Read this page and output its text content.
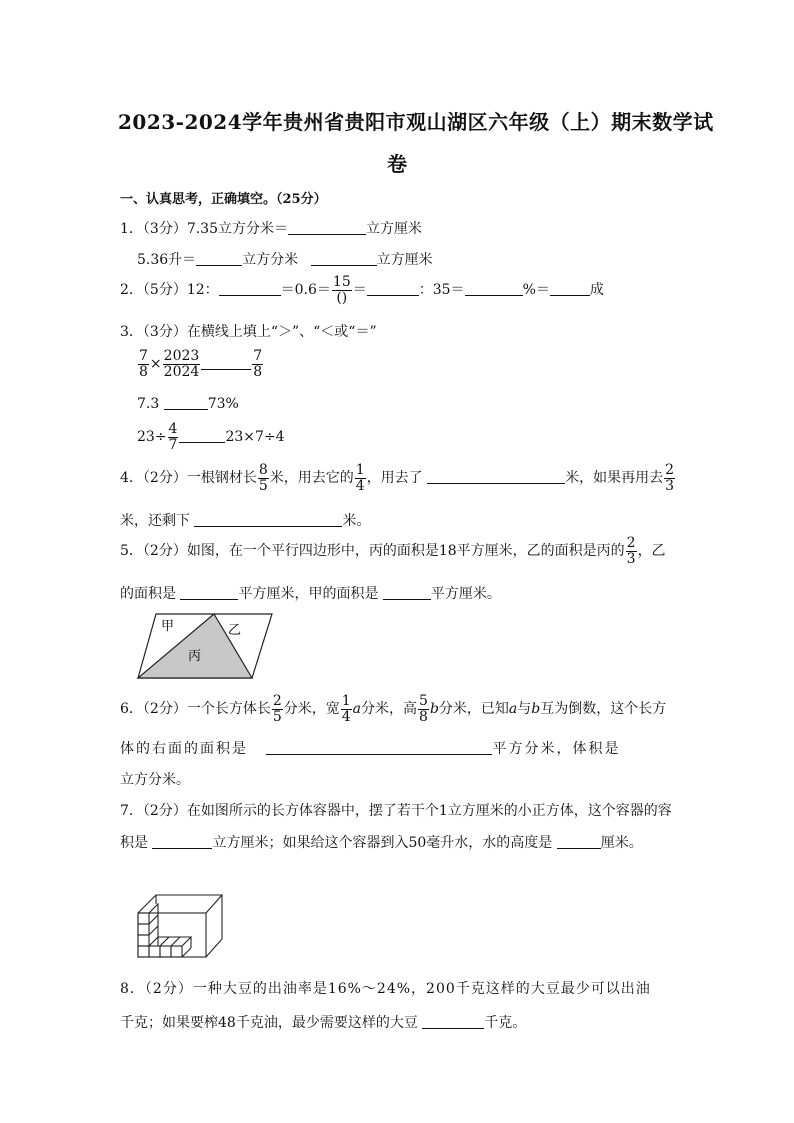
2023-2024学年贵州省贵阳市观山湖区六年级（上）期末数学试
卷
一、认真思考，正确填空。（25分）
1．（3分）7.35立方分米＝	立方厘米
5.36升＝	立方分米	立方厘米
2．（5分）12：	$=0.6= \frac{15}{()}$ ＝	：35＝	%＝	成
3．（3分）在横线上填上“＞”、“＜或“＝”
$\frac{7}{8} \times \frac{2023}{2024}$	$\frac{7}{8}$
7.3	73%
$23\div \frac{4}{7}$	23×7÷4
4．（2分）一根钢材长 $\frac{8}{5}$ 米，用去它的 $\frac{1}{4}$ ，用去了	米，如果再用去 $\frac{2}{3}$
米，还剩下	米。
5．（2分）如图，在一个平行四边形中，丙的面积是18平方厘米，乙的面积是丙的 $\frac{2}{3}$ ，乙
的面积是	平方厘米，甲的面积是	平方厘米。
甲	乙
丙
6．（2分）一个长方体长 $\frac{2}{5}$ 分米，宽 $\frac{1}{4}$ a分米，高 $\frac{5}{8}$ b分米，已知a与b互为倒数，这个长方
体的右面的面积是	平方分米，体积是
立方分米。
7．（2分）在如图所示的长方体容器中，摆了若干个1立方厘米的小正方体，这个容器的容
积是	立方厘米；如果给这个容器到入50毫升水，水的高度是	厘米。
8．（2分）一种大豆的出油率是16%～24%，200千克这样的大豆最少可以出油
千克；如果要榨48千克油，最少需要这样的大豆	千克。
